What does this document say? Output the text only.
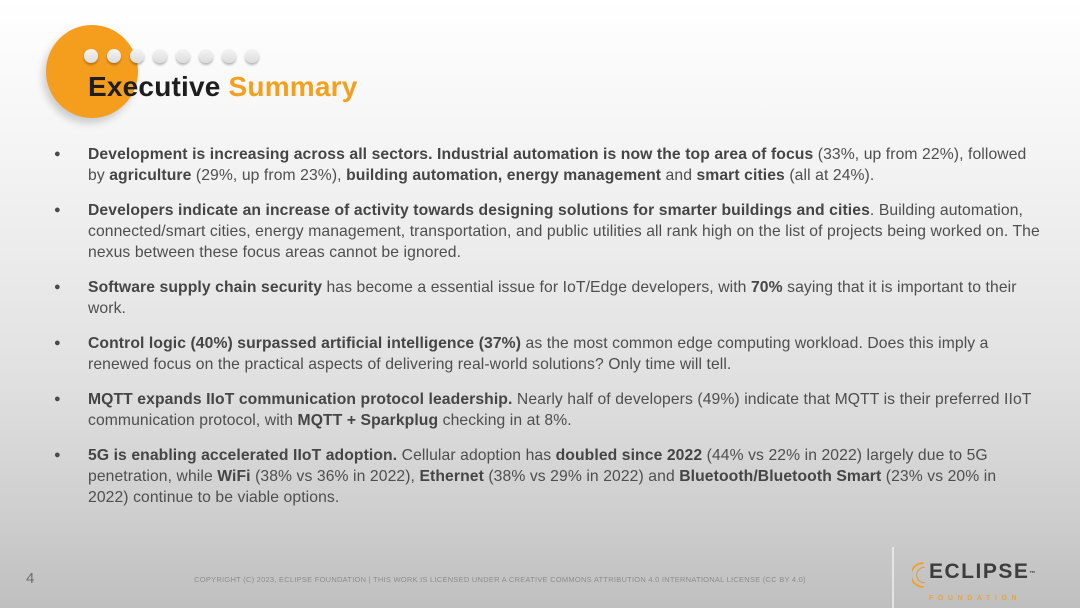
Executive Summary
●	Development is increasing across all sectors. Industrial automation is now the top area of focus (33%, up from 22%), followed by agriculture (29%, up from 23%), building automation, energy management and smart cities (all at 24%).
●	Developers indicate an increase of activity towards designing solutions for smarter buildings and cities. Building automation, connected/smart cities, energy management, transportation, and public utilities all rank high on the list of projects being worked on. The nexus between these focus areas cannot be ignored.
●	Software supply chain security has become a essential issue for IoT/Edge developers, with 70% saying that it is important to their work.
●	Control logic (40%) surpassed artificial intelligence (37%) as the most common edge computing workload. Does this imply a renewed focus on the practical aspects of delivering real-world solutions? Only time will tell.
●	MQTT expands IIoT communication protocol leadership. Nearly half of developers (49%) indicate that MQTT is their preferred IIoT communication protocol, with MQTT + Sparkplug checking in at 8%.
●	5G is enabling accelerated IIoT adoption. Cellular adoption has doubled since 2022 (44% vs 22% in 2022) largely due to 5G penetration, while WiFi (38% vs 36% in 2022), Ethernet (38% vs 29% in 2022) and Bluetooth/Bluetooth Smart (23% vs 20% in 2022) continue to be viable options.
4	COPYRIGHT (C) 2023, ECLIPSE FOUNDATION | THIS WORK IS LICENSED UNDER A CREATIVE COMMONS ATTRIBUTION 4.0 INTERNATIONAL LICENSE (CC BY 4.0)	ECLIPSE™
FOUNDATION
